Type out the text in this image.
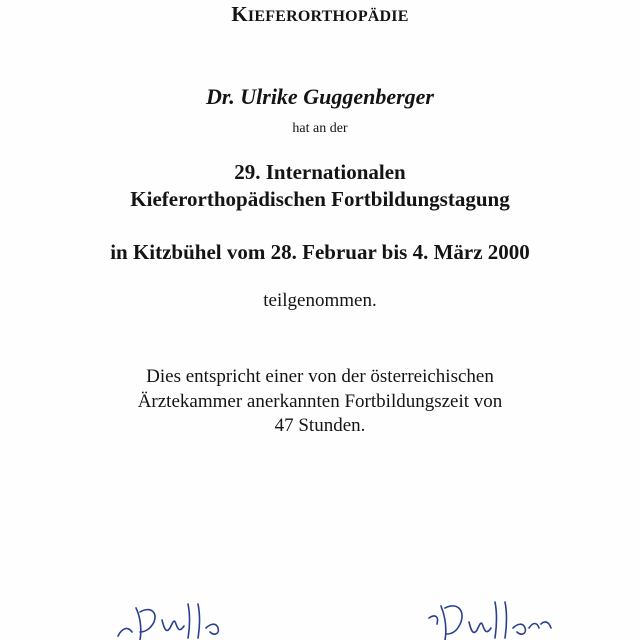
KIEFERORTHOPÄDIE
Dr. Ulrike Guggenberger
hat an der
29. Internationalen
Kieferorthopädischen Fortbildungstagung
in Kitzbühel vom 28. Februar bis 4. März 2000
teilgenommen.
Dies entspricht einer von der österreichischen
Ärztekammer anerkannten Fortbildungszeit von
47 Stunden.
